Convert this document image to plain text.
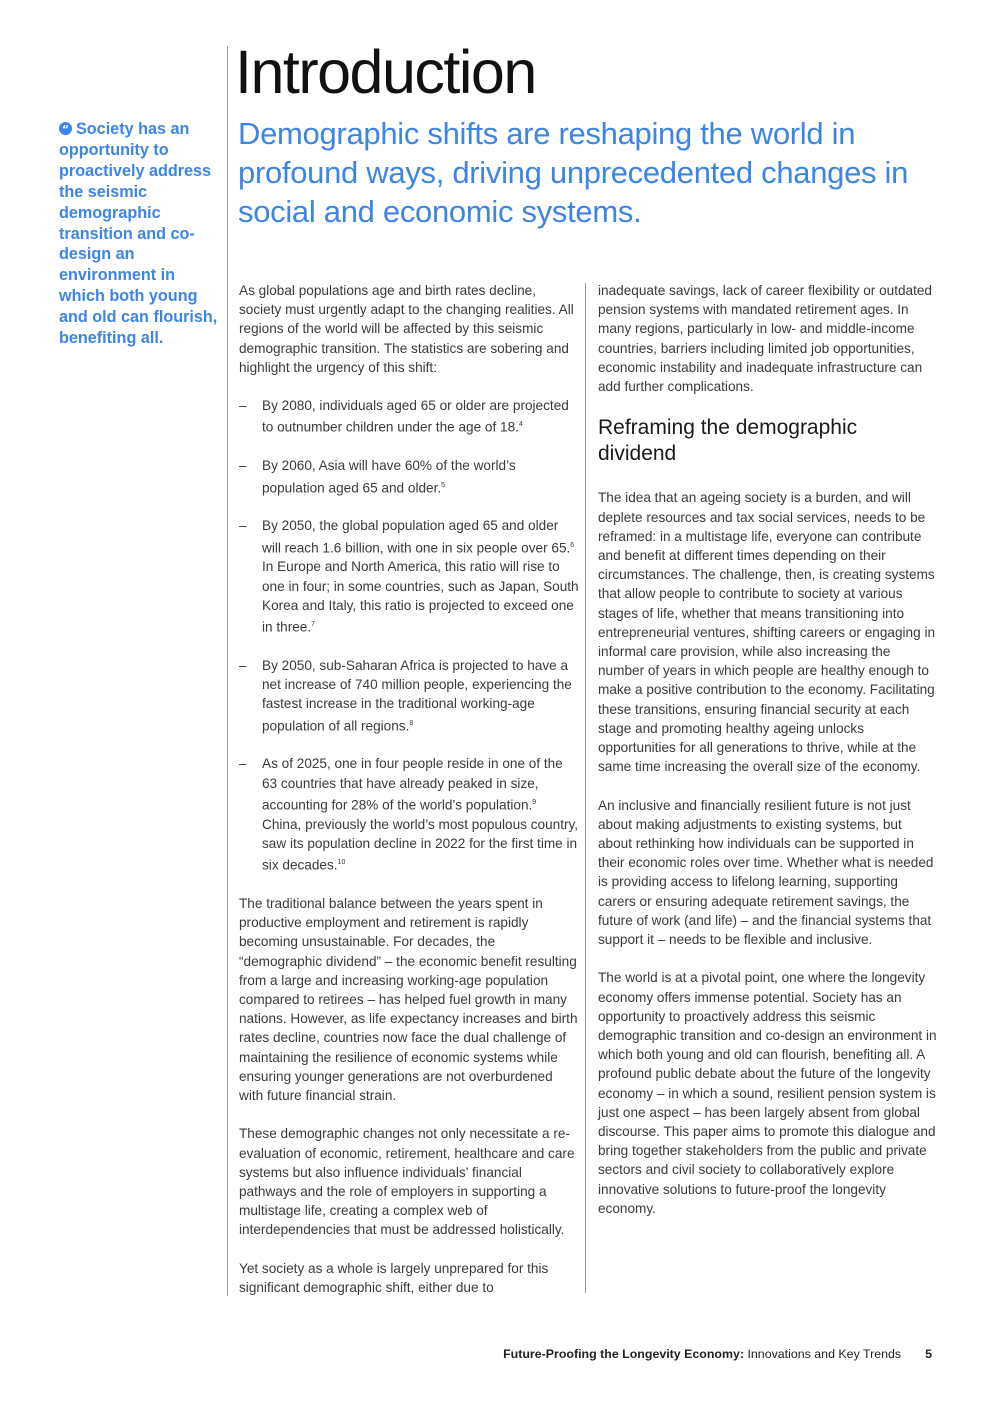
“ Society has an opportunity to proactively address the seismic demographic transition and co-design an environment in which both young and old can flourish, benefiting all.
Introduction

Demographic shifts are reshaping the world in profound ways, driving unprecedented changes in social and economic systems.

As global populations age and birth rates decline, society must urgently adapt to the changing realities. All regions of the world will be affected by this seismic demographic transition. The statistics are sobering and highlight the urgency of this shift:

– By 2080, individuals aged 65 or older are projected to outnumber children under the age of 18.$^4$
– By 2060, Asia will have 60% of the world’s population aged 65 and older.$^5$
– By 2050, the global population aged 65 and older will reach 1.6 billion, with one in six people over 65.$^6$ In Europe and North America, this ratio will rise to one in four; in some countries, such as Japan, South Korea and Italy, this ratio is projected to exceed one in three.$^7$
– By 2050, sub-Saharan Africa is projected to have a net increase of 740 million people, experiencing the fastest increase in the traditional working-age population of all regions.$^8$
– As of 2025, one in four people reside in one of the 63 countries that have already peaked in size, accounting for 28% of the world’s population.$^9$ China, previously the world’s most populous country, saw its population decline in 2022 for the first time in six decades.$^{10}$

The traditional balance between the years spent in productive employment and retirement is rapidly becoming unsustainable. For decades, the “demographic dividend” – the economic benefit resulting from a large and increasing working-age population compared to retirees – has helped fuel growth in many nations. However, as life expectancy increases and birth rates decline, countries now face the dual challenge of maintaining the resilience of economic systems while ensuring younger generations are not overburdened with future financial strain.

These demographic changes not only necessitate a re-evaluation of economic, retirement, healthcare and care systems but also influence individuals’ financial pathways and the role of employers in supporting a multistage life, creating a complex web of interdependencies that must be addressed holistically.

Yet society as a whole is largely unprepared for this significant demographic shift, either due to

inadequate savings, lack of career flexibility or outdated pension systems with mandated retirement ages. In many regions, particularly in low- and middle-income countries, barriers including limited job opportunities, economic instability and inadequate infrastructure can add further complications.

Reframing the demographic dividend

The idea that an ageing society is a burden, and will deplete resources and tax social services, needs to be reframed: in a multistage life, everyone can contribute and benefit at different times depending on their circumstances. The challenge, then, is creating systems that allow people to contribute to society at various stages of life, whether that means transitioning into entrepreneurial ventures, shifting careers or engaging in informal care provision, while also increasing the number of years in which people are healthy enough to make a positive contribution to the economy. Facilitating these transitions, ensuring financial security at each stage and promoting healthy ageing unlocks opportunities for all generations to thrive, while at the same time increasing the overall size of the economy.

An inclusive and financially resilient future is not just about making adjustments to existing systems, but about rethinking how individuals can be supported in their economic roles over time. Whether what is needed is providing access to lifelong learning, supporting carers or ensuring adequate retirement savings, the future of work (and life) – and the financial systems that support it – needs to be flexible and inclusive.

The world is at a pivotal point, one where the longevity economy offers immense potential. Society has an opportunity to proactively address this seismic demographic transition and co-design an environment in which both young and old can flourish, benefiting all. A profound public debate about the future of the longevity economy – in which a sound, resilient pension system is just one aspect – has been largely absent from global discourse. This paper aims to promote this dialogue and bring together stakeholders from the public and private sectors and civil society to collaboratively explore innovative solutions to future-proof the longevity economy.

Future-Proofing the Longevity Economy: Innovations and Key Trends 5
